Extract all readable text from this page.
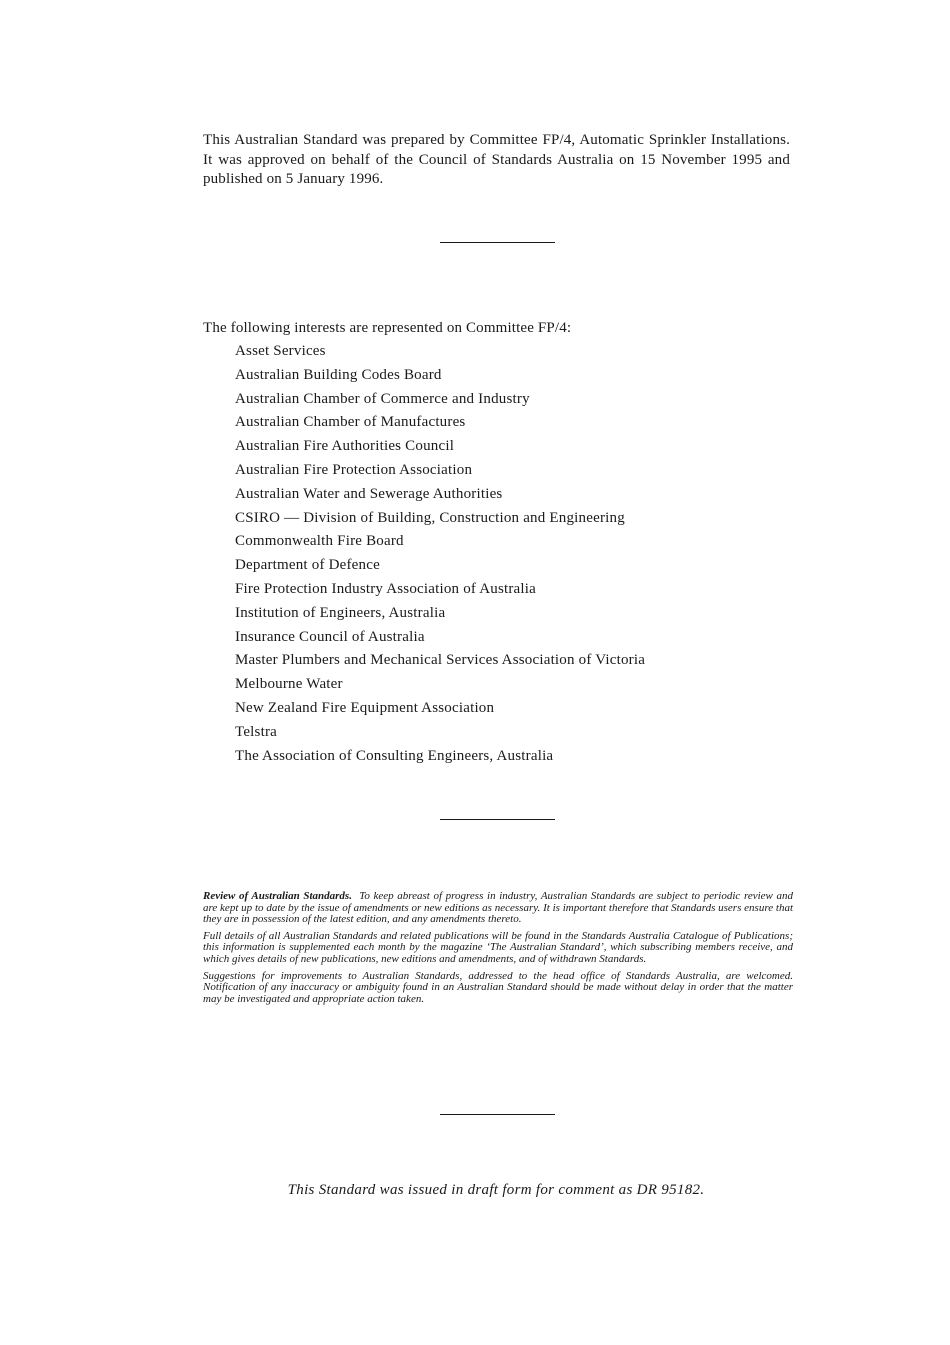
This Australian Standard was prepared by Committee FP/4, Automatic Sprinkler Installations. It was approved on behalf of the Council of Standards Australia on 15 November 1995 and published on 5 January 1996.

The following interests are represented on Committee FP/4:

Asset Services
Australian Building Codes Board
Australian Chamber of Commerce and Industry
Australian Chamber of Manufactures
Australian Fire Authorities Council
Australian Fire Protection Association
Australian Water and Sewerage Authorities
CSIRO — Division of Building, Construction and Engineering
Commonwealth Fire Board
Department of Defence
Fire Protection Industry Association of Australia
Institution of Engineers, Australia
Insurance Council of Australia
Master Plumbers and Mechanical Services Association of Victoria
Melbourne Water
New Zealand Fire Equipment Association
Telstra
The Association of Consulting Engineers, Australia

Review of Australian Standards. To keep abreast of progress in industry, Australian Standards are subject to periodic review and are kept up to date by the issue of amendments or new editions as necessary. It is important therefore that Standards users ensure that they are in possession of the latest edition, and any amendments thereto.

Full details of all Australian Standards and related publications will be found in the Standards Australia Catalogue of Publications; this information is supplemented each month by the magazine ‘The Australian Standard’, which subscribing members receive, and which gives details of new publications, new editions and amendments, and of withdrawn Standards.

Suggestions for improvements to Australian Standards, addressed to the head office of Standards Australia, are welcomed. Notification of any inaccuracy or ambiguity found in an Australian Standard should be made without delay in order that the matter may be investigated and appropriate action taken.

This Standard was issued in draft form for comment as DR 95182.
